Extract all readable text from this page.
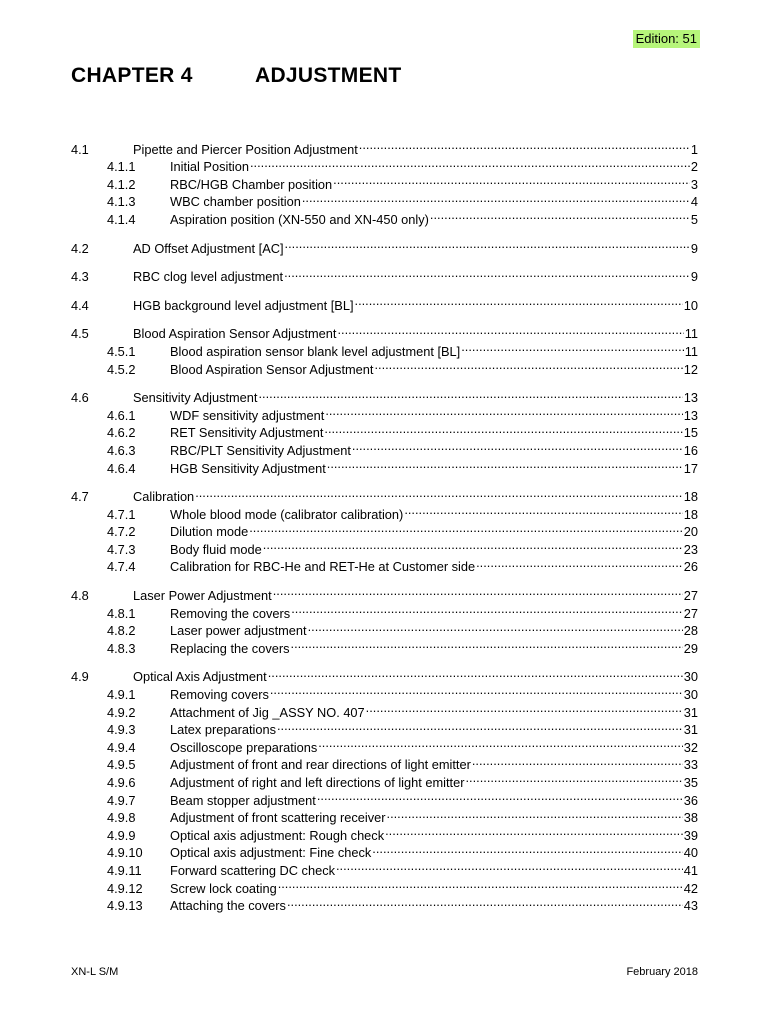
Edition: 51
CHAPTER 4	ADJUSTMENT
4.1	Pipette and Piercer Position Adjustment .....	1
4.1.1	Initial Position .....	2
4.1.2	RBC/HGB Chamber position .....	3
4.1.3	WBC chamber position .....	4
4.1.4	Aspiration position (XN-550 and XN-450 only) .....	5
4.2	AD Offset Adjustment [AC] .....	9
4.3	RBC clog level adjustment .....	9
4.4	HGB background level adjustment [BL] .....	10
4.5	Blood Aspiration Sensor Adjustment .....	11
4.5.1	Blood aspiration sensor blank level adjustment [BL] .....	11
4.5.2	Blood Aspiration Sensor Adjustment .....	12
4.6	Sensitivity Adjustment .....	13
4.6.1	WDF sensitivity adjustment .....	13
4.6.2	RET Sensitivity Adjustment .....	15
4.6.3	RBC/PLT Sensitivity Adjustment .....	16
4.6.4	HGB Sensitivity Adjustment .....	17
4.7	Calibration .....	18
4.7.1	Whole blood mode (calibrator calibration) .....	18
4.7.2	Dilution mode .....	20
4.7.3	Body fluid mode .....	23
4.7.4	Calibration for RBC-He and RET-He at Customer side .....	26
4.8	Laser Power Adjustment .....	27
4.8.1	Removing the covers .....	27
4.8.2	Laser power adjustment .....	28
4.8.3	Replacing the covers .....	29
4.9	Optical Axis Adjustment .....	30
4.9.1	Removing covers .....	30
4.9.2	Attachment of Jig _ASSY NO. 407 .....	31
4.9.3	Latex preparations .....	31
4.9.4	Oscilloscope preparations .....	32
4.9.5	Adjustment of front and rear directions of light emitter .....	33
4.9.6	Adjustment of right and left directions of light emitter .....	35
4.9.7	Beam stopper adjustment .....	36
4.9.8	Adjustment of front scattering receiver .....	38
4.9.9	Optical axis adjustment: Rough check .....	39
4.9.10	Optical axis adjustment: Fine check .....	40
4.9.11	Forward scattering DC check .....	41
4.9.12	Screw lock coating .....	42
4.9.13	Attaching the covers .....	43
XN-L S/M	February 2018
